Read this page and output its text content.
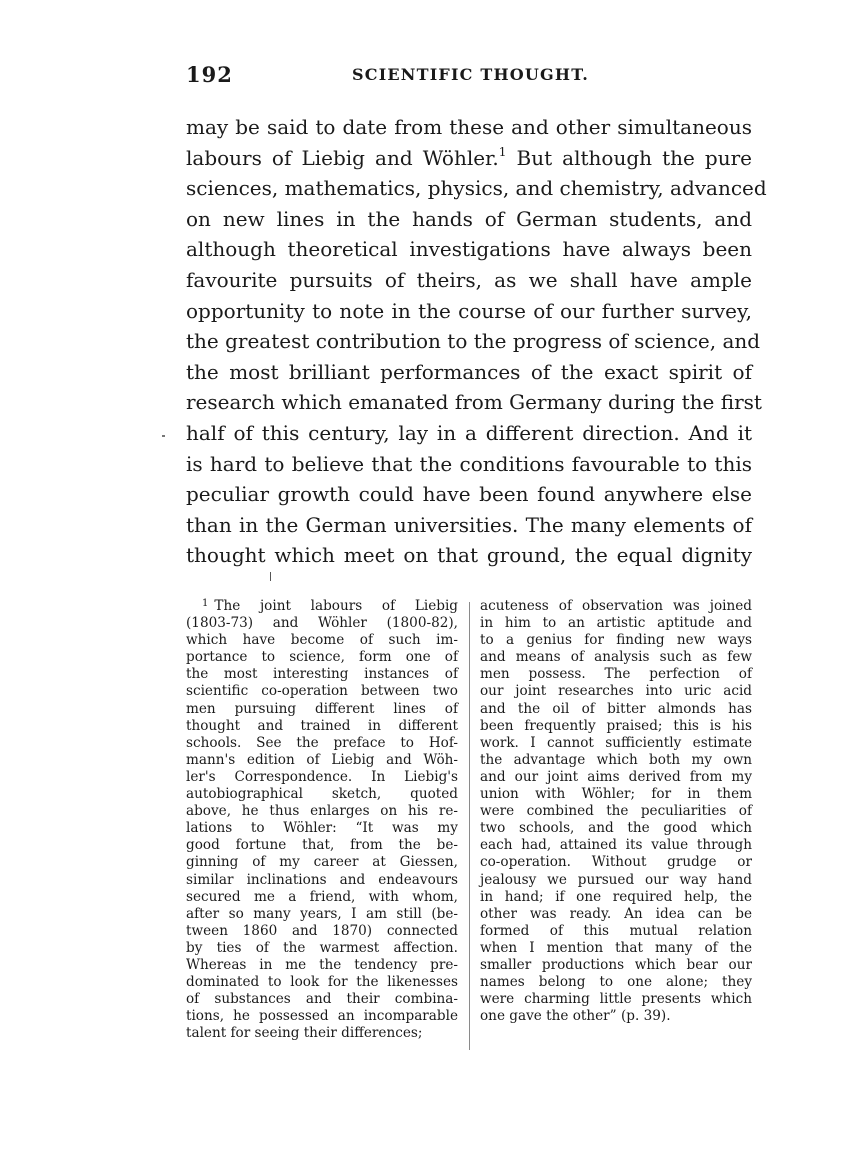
192	SCIENTIFIC THOUGHT.
may be said to date from these and other simultaneous
labours of Liebig and Wöhler.$^1$ But although the pure
sciences, mathematics, physics, and chemistry, advanced
on new lines in the hands of German students, and
although theoretical investigations have always been
favourite pursuits of theirs, as we shall have ample
opportunity to note in the course of our further survey,
the greatest contribution to the progress of science, and
the most brilliant performances of the exact spirit of
research which emanated from Germany during the first
half of this century, lay in a different direction. And it
is hard to believe that the conditions favourable to this
peculiar growth could have been found anywhere else
than in the German universities. The many elements of
thought which meet on that ground, the equal dignity
$^1$ The joint labours of Liebig
(1803-73) and Wöhler (1800-82),
which have become of such im-
portance to science, form one of
the most interesting instances of
scientific co-operation between two
men pursuing different lines of
thought and trained in different
schools. See the preface to Hof-
mann's edition of Liebig and Wöh-
ler's Correspondence. In Liebig's
autobiographical sketch, quoted
above, he thus enlarges on his re-
lations to Wöhler: “It was my
good fortune that, from the be-
ginning of my career at Giessen,
similar inclinations and endeavours
secured me a friend, with whom,
after so many years, I am still (be-
tween 1860 and 1870) connected
by ties of the warmest affection.
Whereas in me the tendency pre-
dominated to look for the likenesses
of substances and their combina-
tions, he possessed an incomparable
talent for seeing their differences;
acuteness of observation was joined
in him to an artistic aptitude and
to a genius for finding new ways
and means of analysis such as few
men possess. The perfection of
our joint researches into uric acid
and the oil of bitter almonds has
been frequently praised; this is his
work. I cannot sufficiently estimate
the advantage which both my own
and our joint aims derived from my
union with Wöhler; for in them
were combined the peculiarities of
two schools, and the good which
each had, attained its value through
co-operation. Without grudge or
jealousy we pursued our way hand
in hand; if one required help, the
other was ready. An idea can be
formed of this mutual relation
when I mention that many of the
smaller productions which bear our
names belong to one alone; they
were charming little presents which
one gave the other” (p. 39).
